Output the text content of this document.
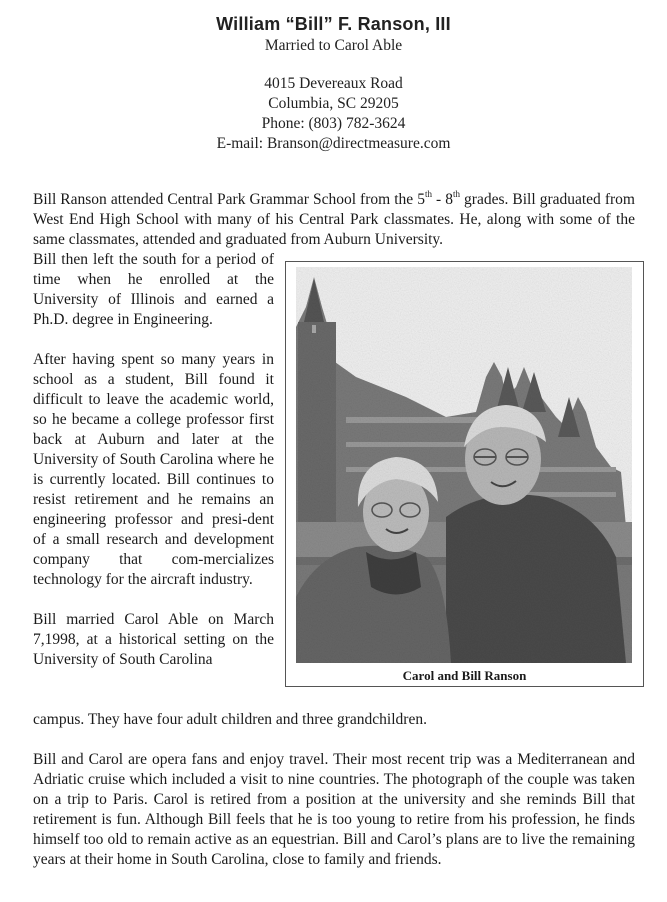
William “Bill” F. Ranson, III
Married to Carol Able
4015 Devereaux Road
Columbia, SC 29205
Phone: (803) 782-3624
E-mail: Branson@directmeasure.com
Bill Ranson attended Central Park Grammar School from the 5th - 8th grades. Bill graduated from West End High School with many of his Central Park classmates. He, along with some of the same classmates, attended and graduated from Auburn University.

Bill then left the south for a period of time when he enrolled at the University of Illinois and earned a Ph.D. degree in Engineering.

After having spent so many years in school as a student, Bill found it difficult to leave the academic world, so he became a college professor first back at Auburn and later at the University of South Carolina where he is currently located. Bill continues to resist retirement and he remains an engineering professor and presi-dent of a small research and development company that com-mercializes technology for the aircraft industry.

Bill married Carol Able on March 7,1998, at a historical setting on the University of South Carolina

campus. They have four adult children and three grandchildren.
Bill and Carol are opera fans and enjoy travel. Their most recent trip was a Mediterranean and Adriatic cruise which included a visit to nine countries. The photograph of the couple was taken on a trip to Paris. Carol is retired from a position at the university and she reminds Bill that retirement is fun. Although Bill feels that he is too young to retire from his profession, he finds himself too old to remain active as an equestrian. Bill and Carol’s plans are to live the remaining years at their home in South Carolina, close to family and friends.
Carol and Bill Ranson
